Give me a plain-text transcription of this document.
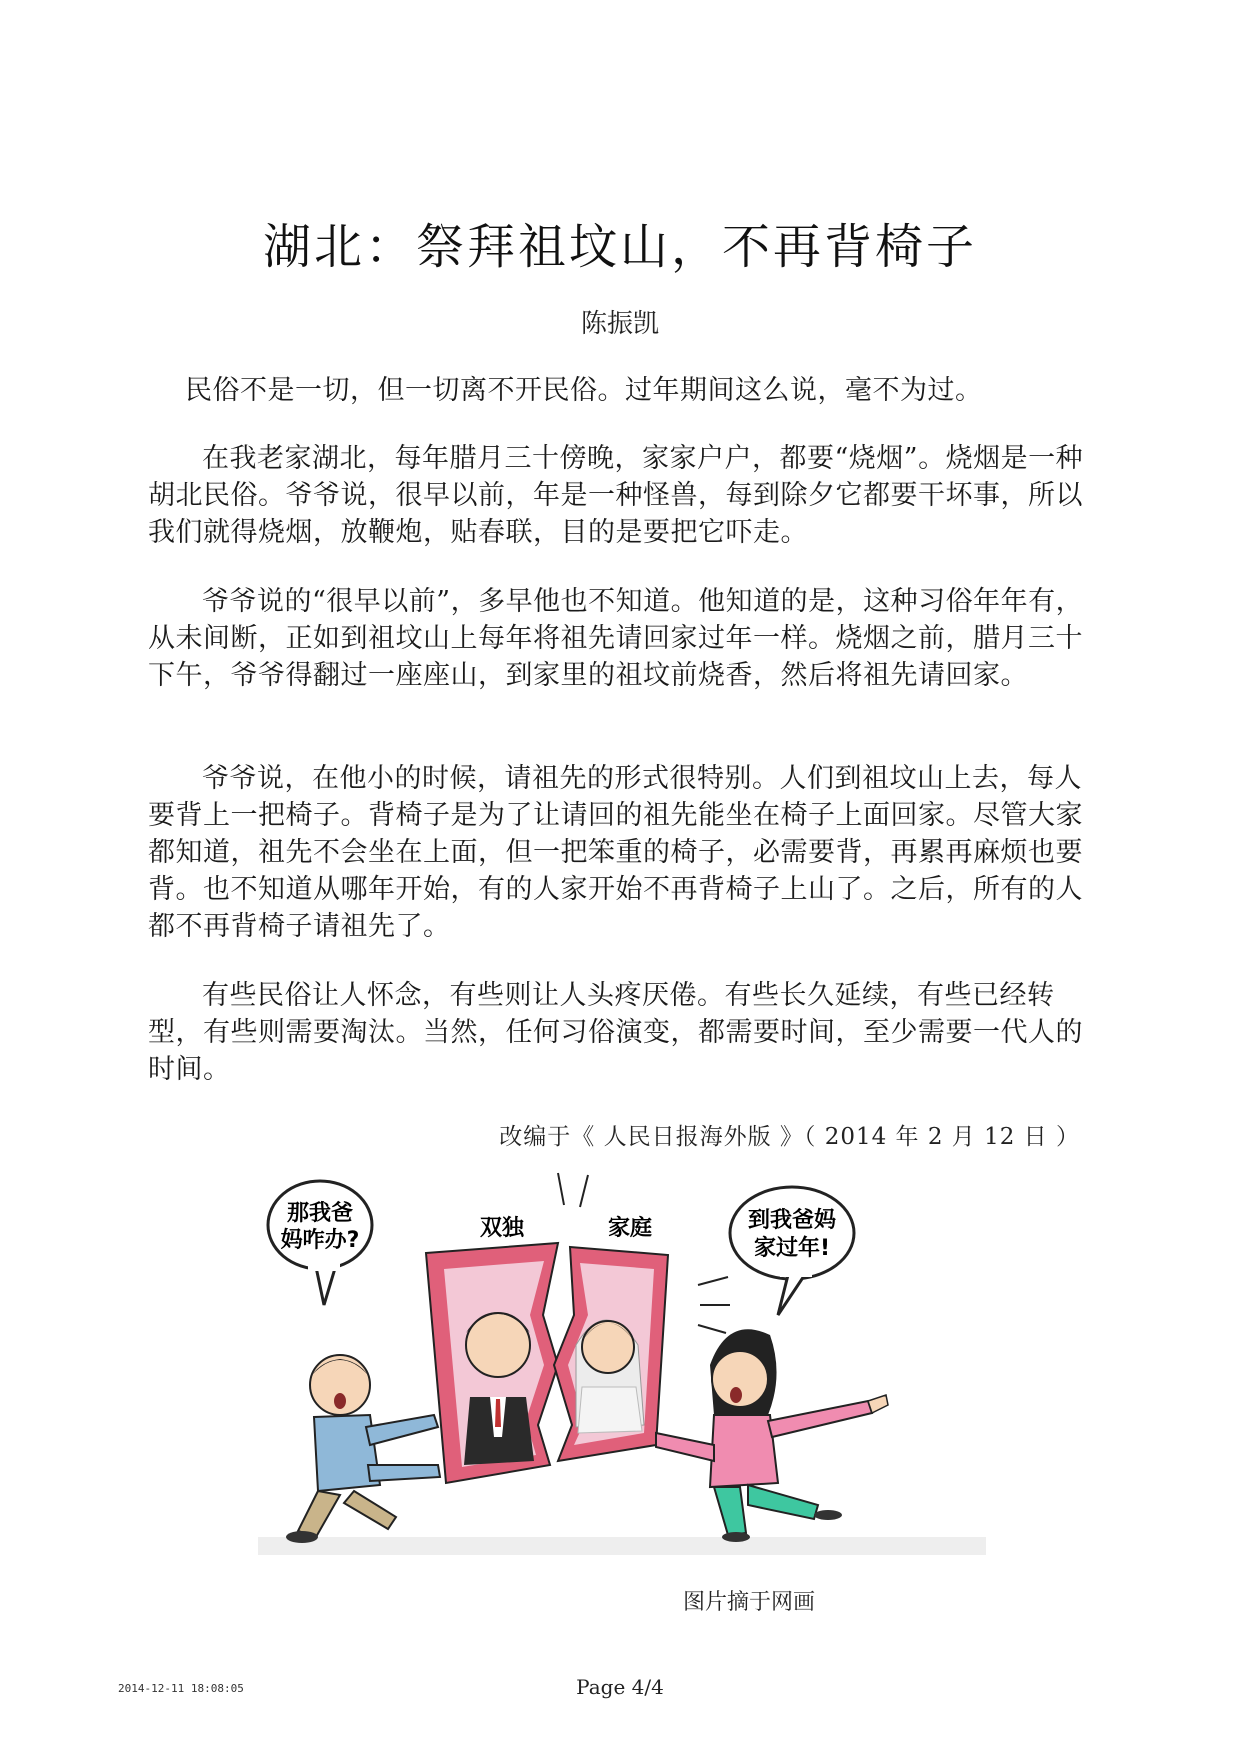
湖北：祭拜祖坟山，不再背椅子
陈振凯

民俗不是一切，但一切离不开民俗。过年期间这么说，毫不为过。

在我老家湖北，每年腊月三十傍晚，家家户户，都要“烧烟”。烧烟是一种胡北民俗。爷爷说，很早以前，年是一种怪兽，每到除夕它都要干坏事，所以我们就得烧烟，放鞭炮，贴春联，目的是要把它吓走。

爷爷说的“很早以前”，多早他也不知道。他知道的是，这种习俗年年有，从未间断，正如到祖坟山上每年将祖先请回家过年一样。烧烟之前，腊月三十下午，爷爷得翻过一座座山，到家里的祖坟前烧香，然后将祖先请回家。

爷爷说，在他小的时候，请祖先的形式很特别。人们到祖坟山上去，每人要背上一把椅子。背椅子是为了让请回的祖先能坐在椅子上面回家。尽管大家都知道，祖先不会坐在上面，但一把笨重的椅子，必需要背，再累再麻烦也要背。也不知道从哪年开始，有的人家开始不再背椅子上山了。之后，所有的人都不再背椅子请祖先了。

有些民俗让人怀念，有些则让人头疼厌倦。有些长久延续，有些已经转型，有些则需要淘汰。当然，任何习俗演变，都需要时间，至少需要一代人的时间。

改编于《 人民日报海外版 》（ 2014 年 2 月 12 日 ）
那我爸
妈咋办?
到我爸妈
家过年!
双独	家庭
图片摘于网画
2014-12-11 18:08:05	Page 4/4
